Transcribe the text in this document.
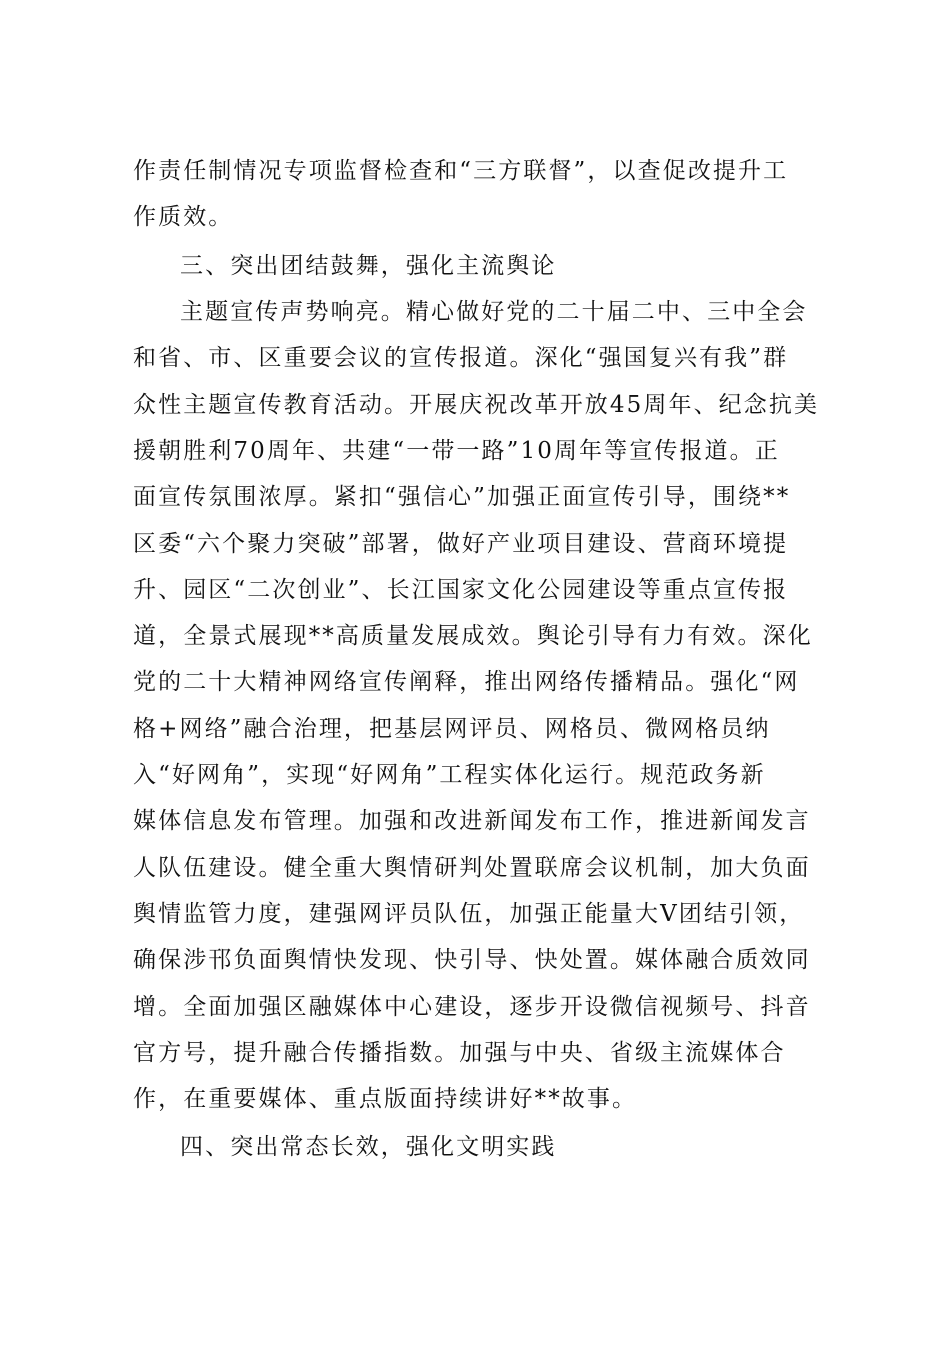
作责任制情况专项监督检查和“三方联督”，以查促改提升工
作质效。
三、突出团结鼓舞，强化主流舆论
主题宣传声势响亮。精心做好党的二十届二中、三中全会
和省、市、区重要会议的宣传报道。深化“强国复兴有我”群
众性主题宣传教育活动。开展庆祝改革开放45周年、纪念抗美
援朝胜利70周年、共建“一带一路”10周年等宣传报道。正
面宣传氛围浓厚。紧扣“强信心”加强正面宣传引导，围绕**
区委“六个聚力突破”部署，做好产业项目建设、营商环境提
升、园区“二次创业”、长江国家文化公园建设等重点宣传报
道，全景式展现**高质量发展成效。舆论引导有力有效。深化
党的二十大精神网络宣传阐释，推出网络传播精品。强化“网
格+网络”融合治理，把基层网评员、网格员、微网格员纳
入“好网角”，实现“好网角”工程实体化运行。规范政务新
媒体信息发布管理。加强和改进新闻发布工作，推进新闻发言
人队伍建设。健全重大舆情研判处置联席会议机制，加大负面
舆情监管力度，建强网评员队伍，加强正能量大V团结引领，
确保涉邗负面舆情快发现、快引导、快处置。媒体融合质效同
增。全面加强区融媒体中心建设，逐步开设微信视频号、抖音
官方号，提升融合传播指数。加强与中央、省级主流媒体合
作，在重要媒体、重点版面持续讲好**故事。
四、突出常态长效，强化文明实践
